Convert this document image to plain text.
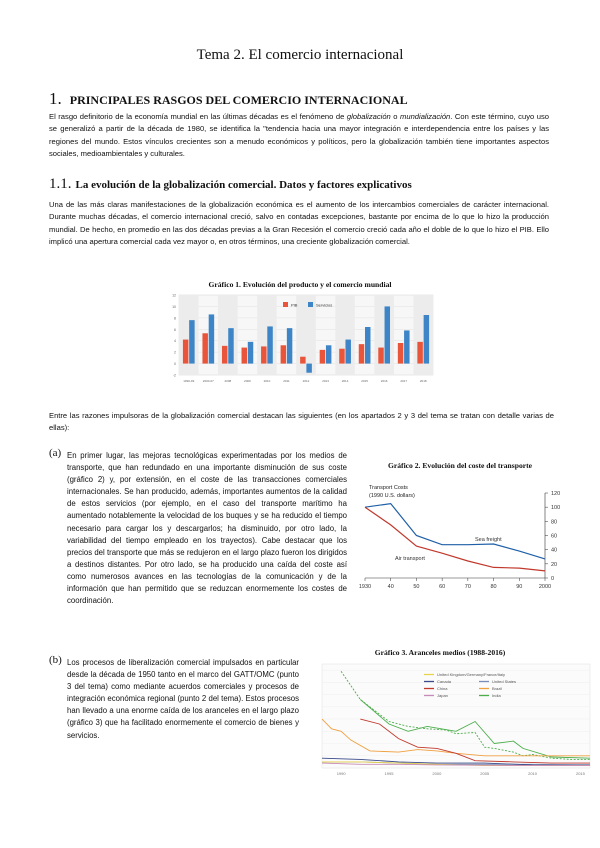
Tema 2. El comercio internacional
1. PRINCIPALES RASGOS DEL COMERCIO INTERNACIONAL
El rasgo definitorio de la economía mundial en las últimas décadas es el fenómeno de globalización o mundialización. Con este término, cuyo uso se generalizó a partir de la década de 1980, se identifica la "tendencia hacia una mayor integración e interdependencia entre los países y las regiones del mundo. Estos vínculos crecientes son a menudo económicos y políticos, pero la globalización también tiene importantes aspectos sociales, medioambientales y culturales.
1.1. La evolución de la globalización comercial. Datos y factores explicativos
Una de las más claras manifestaciones de la globalización económica es el aumento de los intercambios comerciales de carácter internacional. Durante muchas décadas, el comercio internacional creció, salvo en contadas excepciones, bastante por encima de lo que lo hizo la producción mundial. De hecho, en promedio en las dos décadas previas a la Gran Recesión el comercio creció cada año el doble de lo que lo hizo el PIB. Ello implicó una apertura comercial cada vez mayor o, en otros términos, una creciente globalización comercial.
Gráfico 1. Evolución del producto y el comercio mundial
12
10
8
6
4
2
0
-2
1990-99	2000-07	2008	2009	2010	2011	2012	2013	2014	2015	2016	2017	2018
PIB	Servicios
Entre las razones impulsoras de la globalización comercial destacan las siguientes (en los apartados 2 y 3 del tema se tratan con detalle varias de ellas):
(a) En primer lugar, las mejoras tecnológicas experimentadas por los medios de transporte, que han redundado en una importante disminución de sus coste (gráfico 2) y, por extensión, en el coste de las transacciones comerciales internacionales. Se han producido, además, importantes aumentos de la calidad de estos servicios (por ejemplo, en el caso del transporte marítimo ha aumentado notablemente la velocidad de los buques y se ha reducido el tiempo necesario para cargar los y descargarlos; ha disminuido, por otro lado, la variabilidad del tiempo empleado en los trayectos). Cabe destacar que los precios del transporte que más se redujeron en el largo plazo fueron los dirigidos a destinos distantes. Por otro lado, se ha producido una caída del coste así como numerosos avances en las tecnologías de la comunicación y de la información que han permitido que se reduzcan enormemente los costes de coordinación.
Gráfico 2. Evolución del coste del transporte
120
100
80
60
40
20
0
1930	40	50	60	70	80	90	2000
Transport Costs
(1990 U.S. dollars)
Sea freight
Air transport
(b) Los procesos de liberalización comercial impulsados en particular desde la década de 1950 tanto en el marco del GATT/OMC (punto 3 del tema) como mediante acuerdos comerciales y procesos de integración económica regional (punto 2 del tema). Estos procesos han llevado a una enorme caída de los aranceles en el largo plazo (gráfico 3) que ha facilitado enormemente el comercio de bienes y servicios.
Gráfico 3. Aranceles medios (1988-2016)
1990	1995	2000	2005	2010	2015
United Kingdom/Germany/France/Italy
Canada	United States
China	Brazil
Japan	India
